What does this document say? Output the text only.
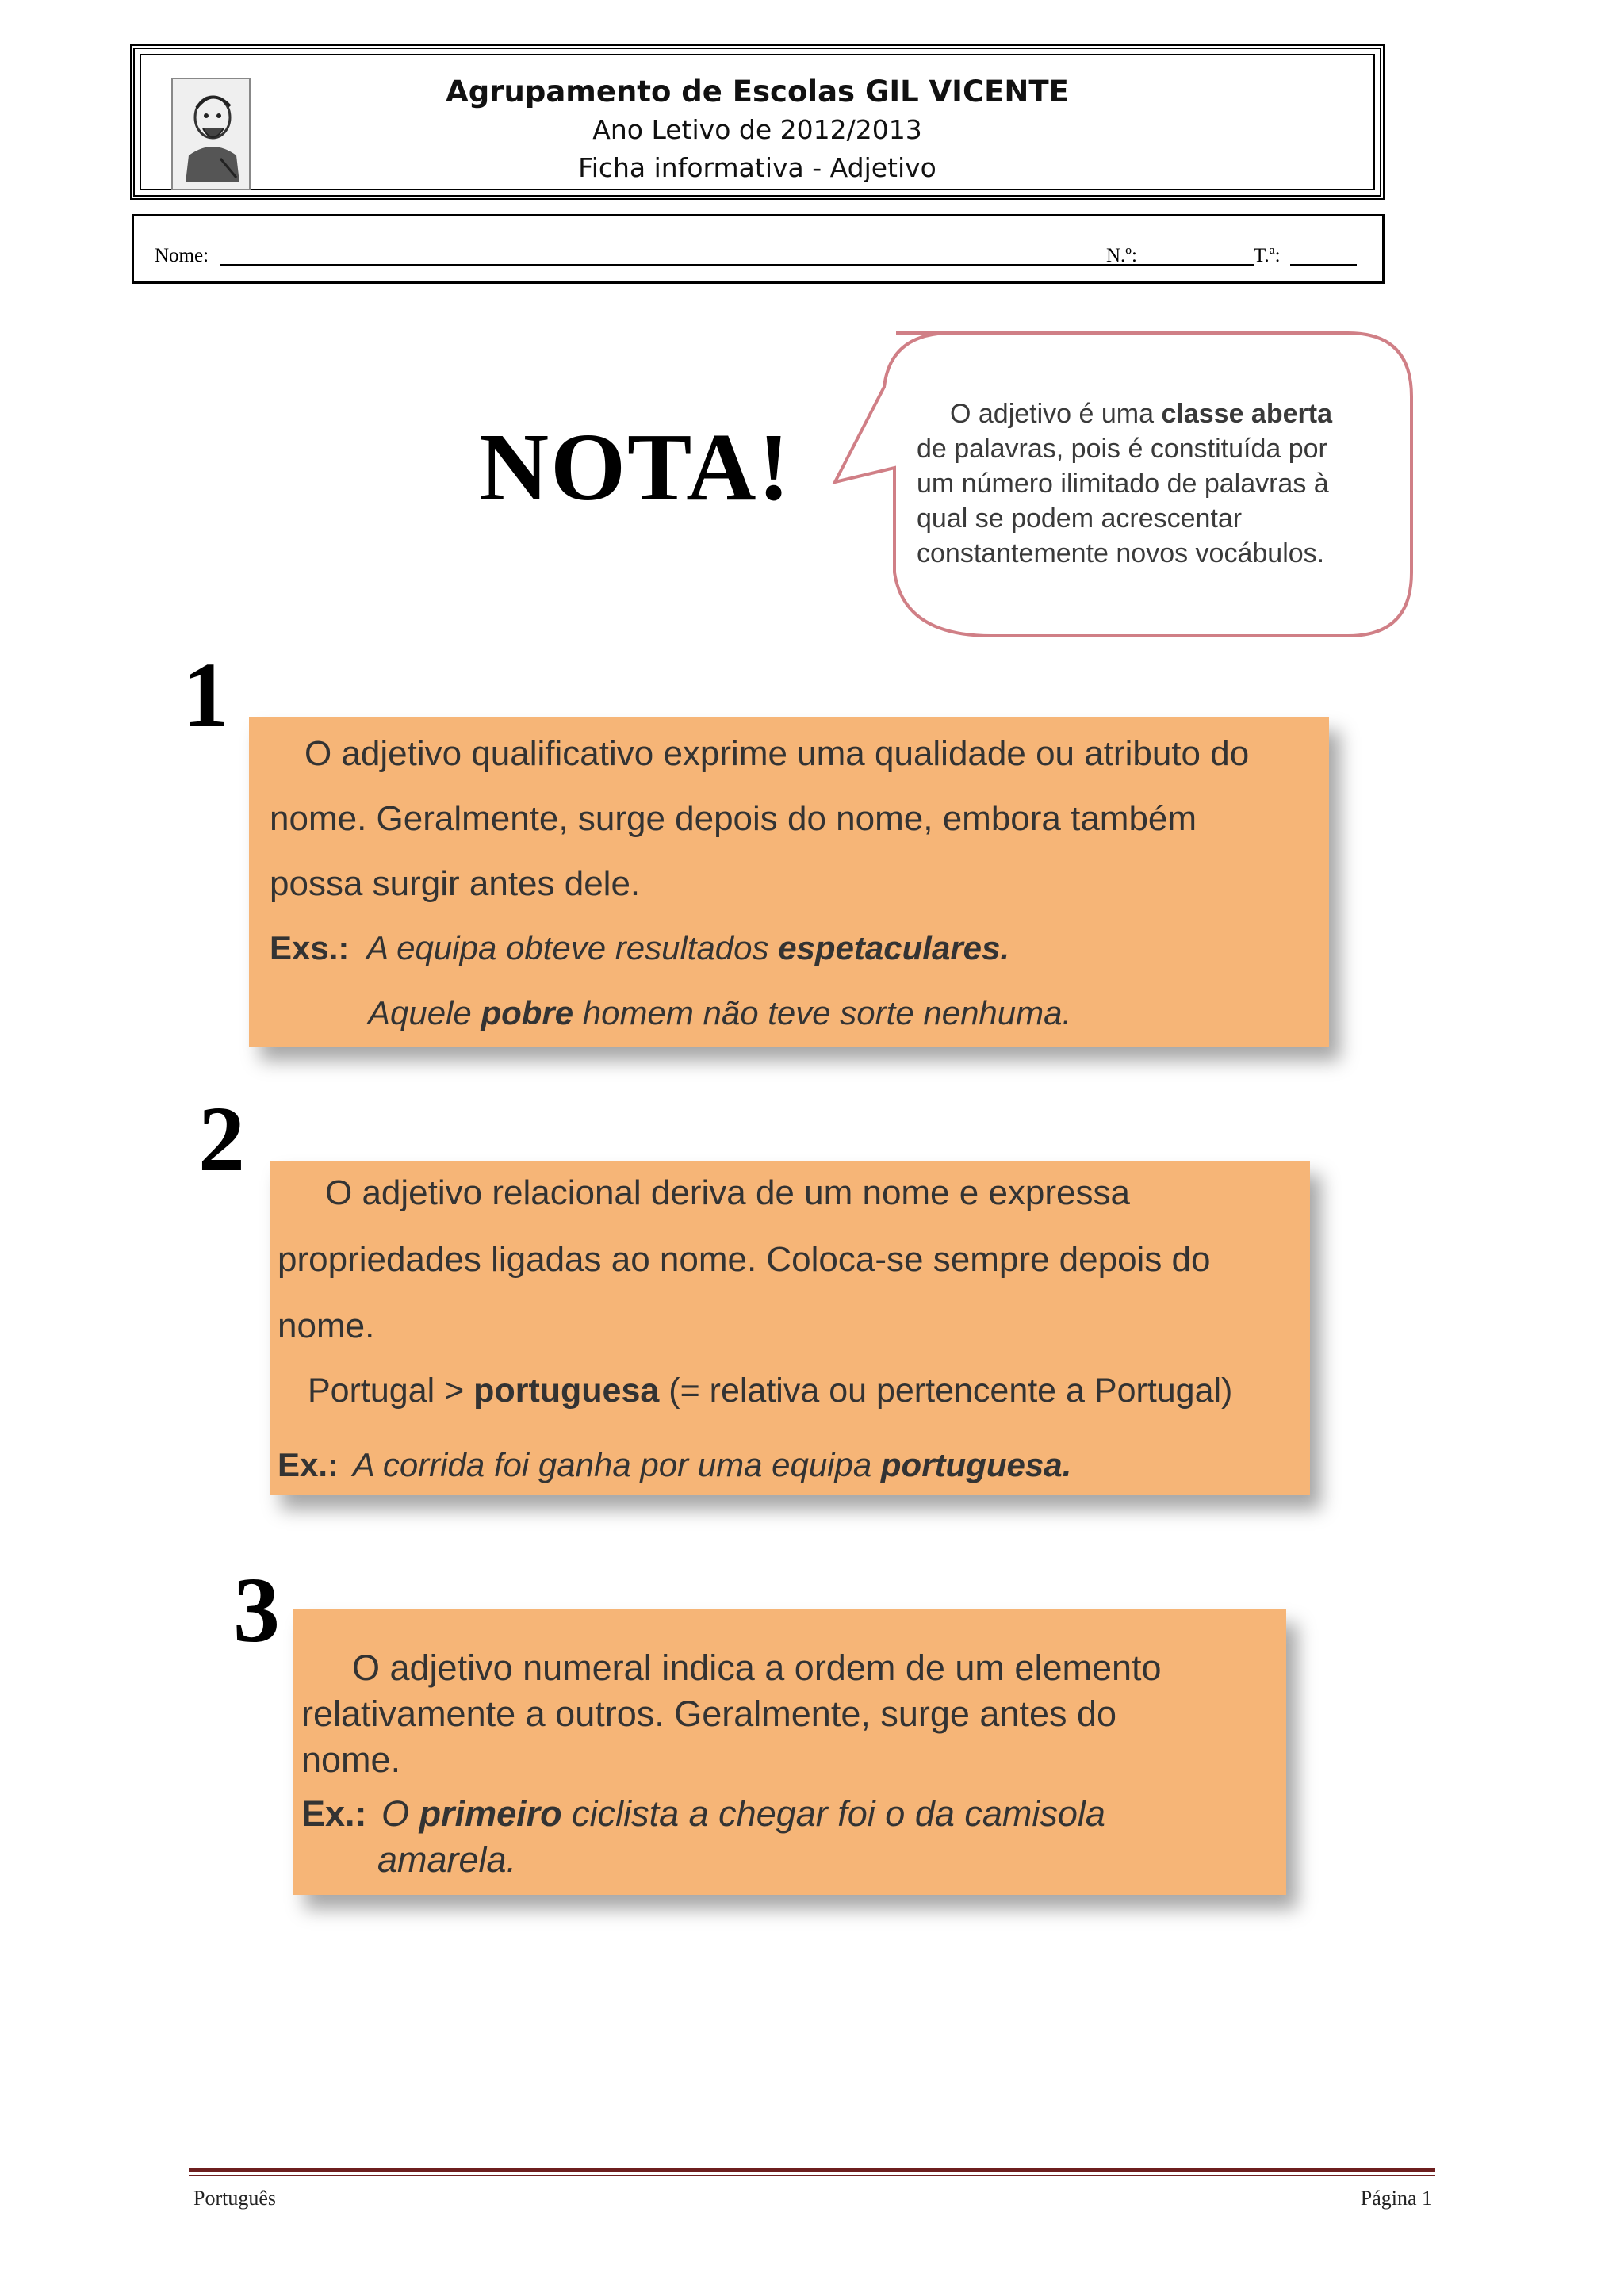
Agrupamento de Escolas GIL VICENTE
Ano Letivo de 2012/2013
Ficha informativa - Adjetivo
Nome:	N.º:	T.ª:
NOTA!	O adjetivo é uma classe aberta
de palavras, pois é constituída por
um número ilimitado de palavras à
qual se podem acrescentar
constantemente novos vocábulos.
1

O adjetivo qualificativo exprime uma qualidade ou atributo do

nome. Geralmente, surge depois do nome, embora também

possa surgir antes dele.

Exs.: A equipa obteve resultados espetaculares.

Aquele pobre homem não teve sorte nenhuma.

2

O adjetivo relacional deriva de um nome e expressa

propriedades ligadas ao nome. Coloca-se sempre depois do

nome.

Portugal > portuguesa (= relativa ou pertencente a Portugal)

Ex.: A corrida foi ganha por uma equipa portuguesa.

3

O adjetivo numeral indica a ordem de um elemento

relativamente a outros. Geralmente, surge antes do

nome.

Ex.: O primeiro ciclista a chegar foi o da camisola

amarela.

Português	Página 1
